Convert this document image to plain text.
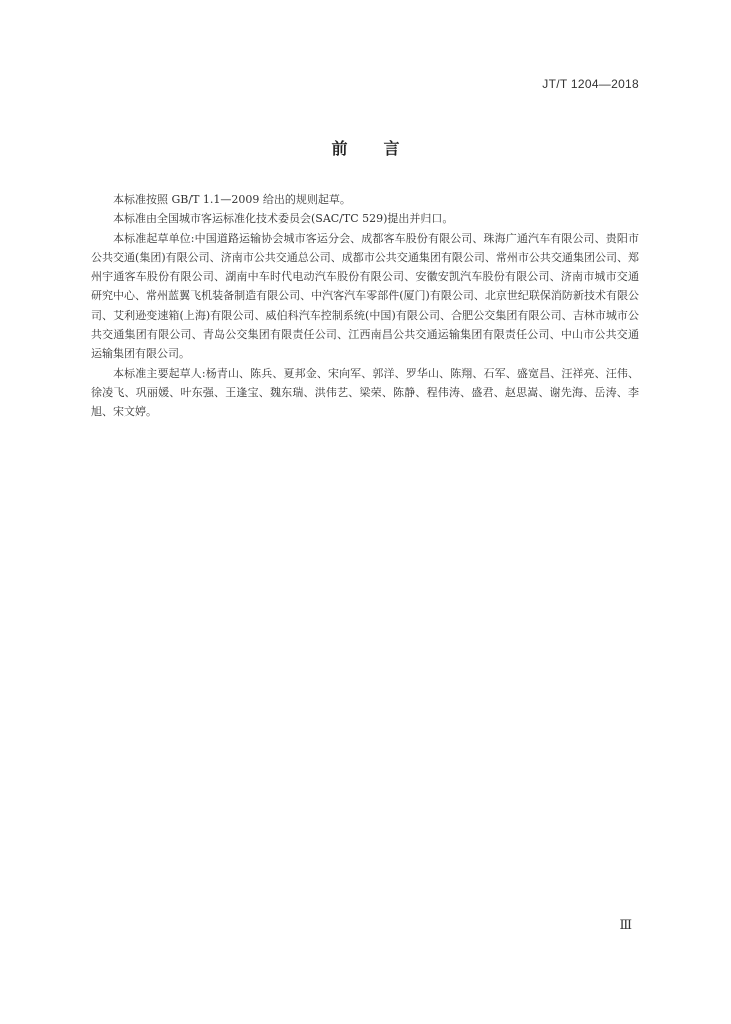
JT/T 1204—2018
前言

本标准按照 GB/T 1.1—2009 给出的规则起草。

本标准由全国城市客运标准化技术委员会(SAC/TC 529)提出并归口。

本标准起草单位:中国道路运输协会城市客运分会、成都客车股份有限公司、珠海广通汽车有限公司、贵阳市公共交通(集团)有限公司、济南市公共交通总公司、成都市公共交通集团有限公司、常州市公共交通集团公司、郑州宇通客车股份有限公司、湖南中车时代电动汽车股份有限公司、安徽安凯汽车股份有限公司、济南市城市交通研究中心、常州蓝翼飞机装备制造有限公司、中汽客汽车零部件(厦门)有限公司、北京世纪联保消防新技术有限公司、艾利逊变速箱(上海)有限公司、威伯科汽车控制系统(中国)有限公司、合肥公交集团有限公司、吉林市城市公共交通集团有限公司、青岛公交集团有限责任公司、江西南昌公共交通运输集团有限责任公司、中山市公共交通运输集团有限公司。

本标准主要起草人:杨青山、陈兵、夏邦金、宋向军、郭洋、罗华山、陈翔、石军、盛宽昌、汪祥亮、汪伟、徐凌飞、巩丽媛、叶东强、王逢宝、魏东瑞、洪伟艺、梁荣、陈静、程伟涛、盛君、赵思嵩、谢先海、岳涛、李旭、宋文婷。

Ⅲ
